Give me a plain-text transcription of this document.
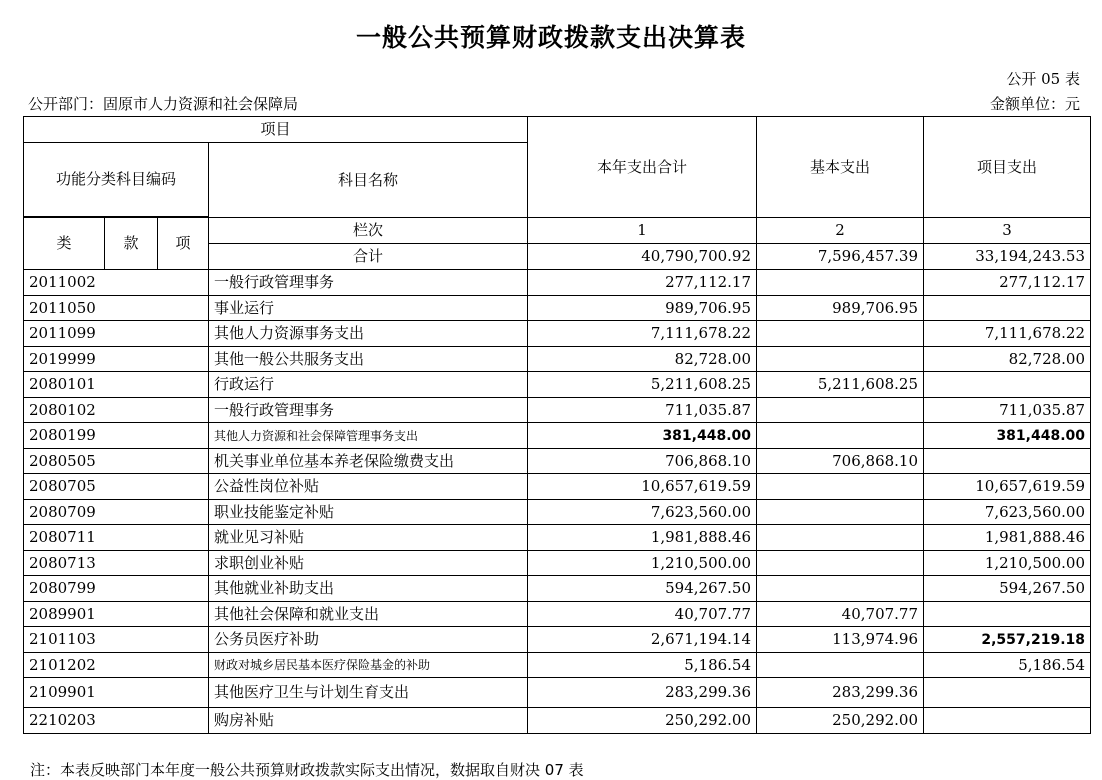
一般公共预算财政拨款支出决算表
公开 05 表
公开部门：固原市人力资源和社会保障局	金额单位：元
项目				本年支出合计	基本支出	项目支出
功能分类科目编码			科目名称			

类	款	项	栏次	1	2	3
			合计	40,790,700.92	7,596,457.39	33,194,243.53
2011002			一般行政管理事务	277,112.17		277,112.17
2011050			事业运行	989,706.95	989,706.95	
2011099			其他人力资源事务支出	7,111,678.22		7,111,678.22
2019999			其他一般公共服务支出	82,728.00		82,728.00
2080101			行政运行	5,211,608.25	5,211,608.25	
2080102			一般行政管理事务	711,035.87		711,035.87
2080199			其他人力资源和社会保障管理事务支出	381,448.00		381,448.00
2080505			机关事业单位基本养老保险缴费支出	706,868.10	706,868.10	
2080705			公益性岗位补贴	10,657,619.59		10,657,619.59
2080709			职业技能鉴定补贴	7,623,560.00		7,623,560.00
2080711			就业见习补贴	1,981,888.46		1,981,888.46
2080713			求职创业补贴	1,210,500.00		1,210,500.00
2080799			其他就业补助支出	594,267.50		594,267.50
2089901			其他社会保障和就业支出	40,707.77	40,707.77	
2101103			公务员医疗补助	2,671,194.14	113,974.96	2,557,219.18
2101202			财政对城乡居民基本医疗保险基金的补助	5,186.54		5,186.54
2109901			其他医疗卫生与计划生育支出	283,299.36	283,299.36	
2210203			购房补贴	250,292.00	250,292.00	
注：本表反映部门本年度一般公共预算财政拨款实际支出情况，数据取自财决 07 表
